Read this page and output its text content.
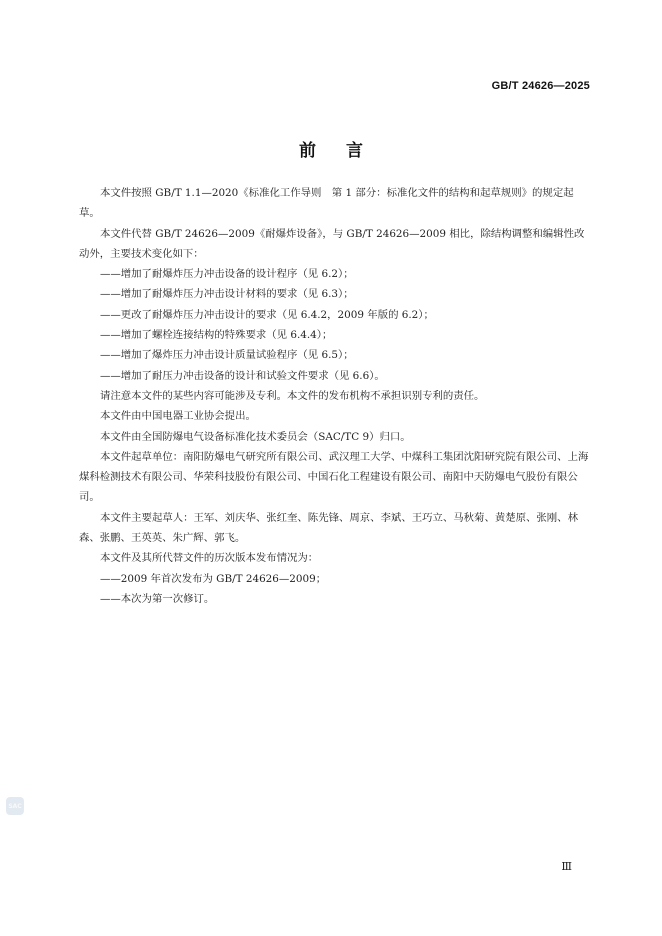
GB/T 24626—2025
前言

本文件按照 GB/T 1.1—2020《标准化工作导则　第 1 部分：标准化文件的结构和起草规则》的规定起草。

本文件代替 GB/T 24626—2009《耐爆炸设备》，与 GB/T 24626—2009 相比，除结构调整和编辑性改动外，主要技术变化如下：

——增加了耐爆炸压力冲击设备的设计程序（见 6.2）；

——增加了耐爆炸压力冲击设计材料的要求（见 6.3）；

——更改了耐爆炸压力冲击设计的要求（见 6.4.2，2009 年版的 6.2）；

——增加了螺栓连接结构的特殊要求（见 6.4.4）；

——增加了爆炸压力冲击设计质量试验程序（见 6.5）；

——增加了耐压力冲击设备的设计和试验文件要求（见 6.6）。

请注意本文件的某些内容可能涉及专利。本文件的发布机构不承担识别专利的责任。

本文件由中国电器工业协会提出。

本文件由全国防爆电气设备标准化技术委员会（SAC/TC 9）归口。

本文件起草单位：南阳防爆电气研究所有限公司、武汉理工大学、中煤科工集团沈阳研究院有限公司、上海煤科检测技术有限公司、华荣科技股份有限公司、中国石化工程建设有限公司、南阳中天防爆电气股份有限公司。

本文件主要起草人：王军、刘庆华、张红奎、陈先锋、周京、李斌、王巧立、马秋菊、黄楚原、张刚、林森、张鹏、王英英、朱广辉、郭飞。

本文件及其所代替文件的历次版本发布情况为：

——2009 年首次发布为 GB/T 24626—2009；

——本次为第一次修订。

SAC
Ⅲ
